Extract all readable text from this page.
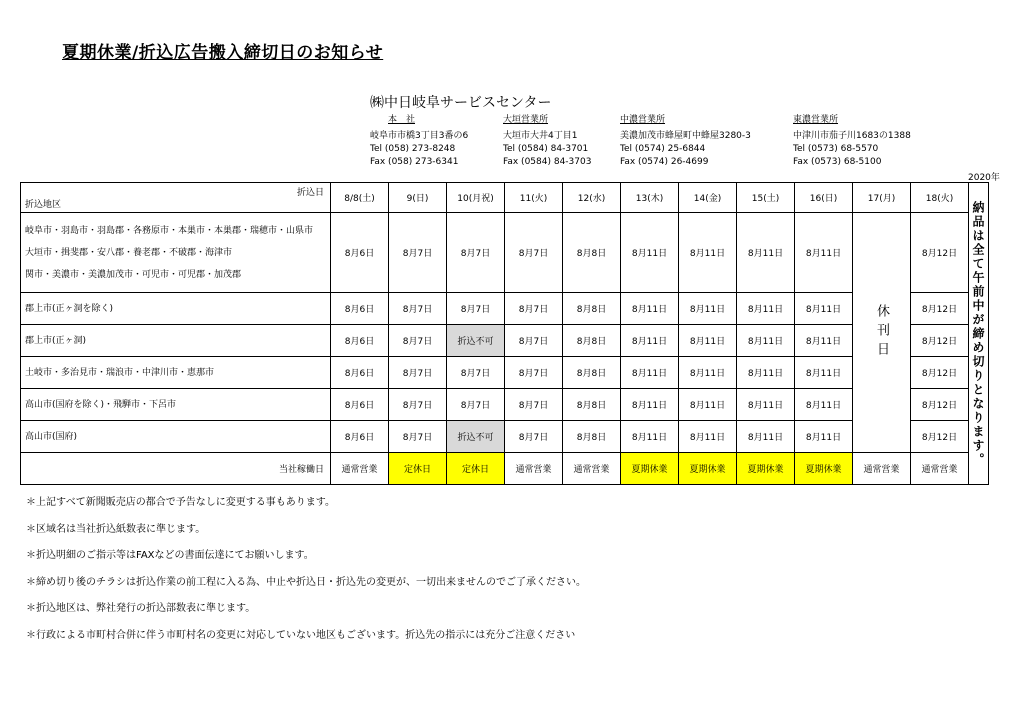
夏期休業/折込広告搬入締切日のお知らせ
㈱中日岐阜サービスセンター
本　社
岐阜市市橋3丁目3番の6
Tel (058) 273-8248
Fax (058) 273-6341
大垣営業所
大垣市大井4丁目1
Tel (0584) 84-3701
Fax (0584) 84-3703
中濃営業所
美濃加茂市蜂屋町中蜂屋3280-3
Tel (0574) 25-6844
Fax (0574) 26-4699
東濃営業所
中津川市茄子川1683の1388
Tel (0573) 68-5570
Fax (0573) 68-5100
2020年
折込日
折込地区	8/8(土)	9(日)	10(月祝)	11(火)	12(水)	13(木)	14(金)	15(土)	16(日)	17(月)	18(火)	納品は全て午前中が締め切りとなります。

岐阜市・羽島市・羽島郡・各務原市・本巣市・本巣郡・瑞穂市・山県市
大垣市・揖斐郡・安八郡・養老郡・不破郡・海津市
関市・美濃市・美濃加茂市・可児市・可児郡・加茂郡	8月6日	8月7日	8月7日	8月7日	8月8日	8月11日	8月11日	8月11日	8月11日	休刊日	8月12日	

郡上市(正ヶ洞を除く)	8月6日	8月7日	8月7日	8月7日	8月8日	8月11日	8月11日	8月11日	8月11日		8月12日	

郡上市(正ヶ洞)	8月6日	8月7日	折込不可	8月7日	8月8日	8月11日	8月11日	8月11日	8月11日		8月12日	

土岐市・多治見市・瑞浪市・中津川市・恵那市	8月6日	8月7日	8月7日	8月7日	8月8日	8月11日	8月11日	8月11日	8月11日		8月12日	

高山市(国府を除く)・飛騨市・下呂市	8月6日	8月7日	8月7日	8月7日	8月8日	8月11日	8月11日	8月11日	8月11日		8月12日	

高山市(国府)	8月6日	8月7日	折込不可	8月7日	8月8日	8月11日	8月11日	8月11日	8月11日		8月12日	
当社稼働日	通常営業	定休日	定休日	通常営業	通常営業	夏期休業	夏期休業	夏期休業	夏期休業	通常営業	通常営業	
＊上記すべて新聞販売店の都合で予告なしに変更する事もあります。
＊区域名は当社折込紙数表に準じます。
＊折込明細のご指示等はFAXなどの書面伝達にてお願いします。
＊締め切り後のチラシは折込作業の前工程に入る為、中止や折込日・折込先の変更が、一切出来ませんのでご了承ください。
＊折込地区は、弊社発行の折込部数表に準じます。
＊行政による市町村合併に伴う市町村名の変更に対応していない地区もございます。折込先の指示には充分ご注意ください
